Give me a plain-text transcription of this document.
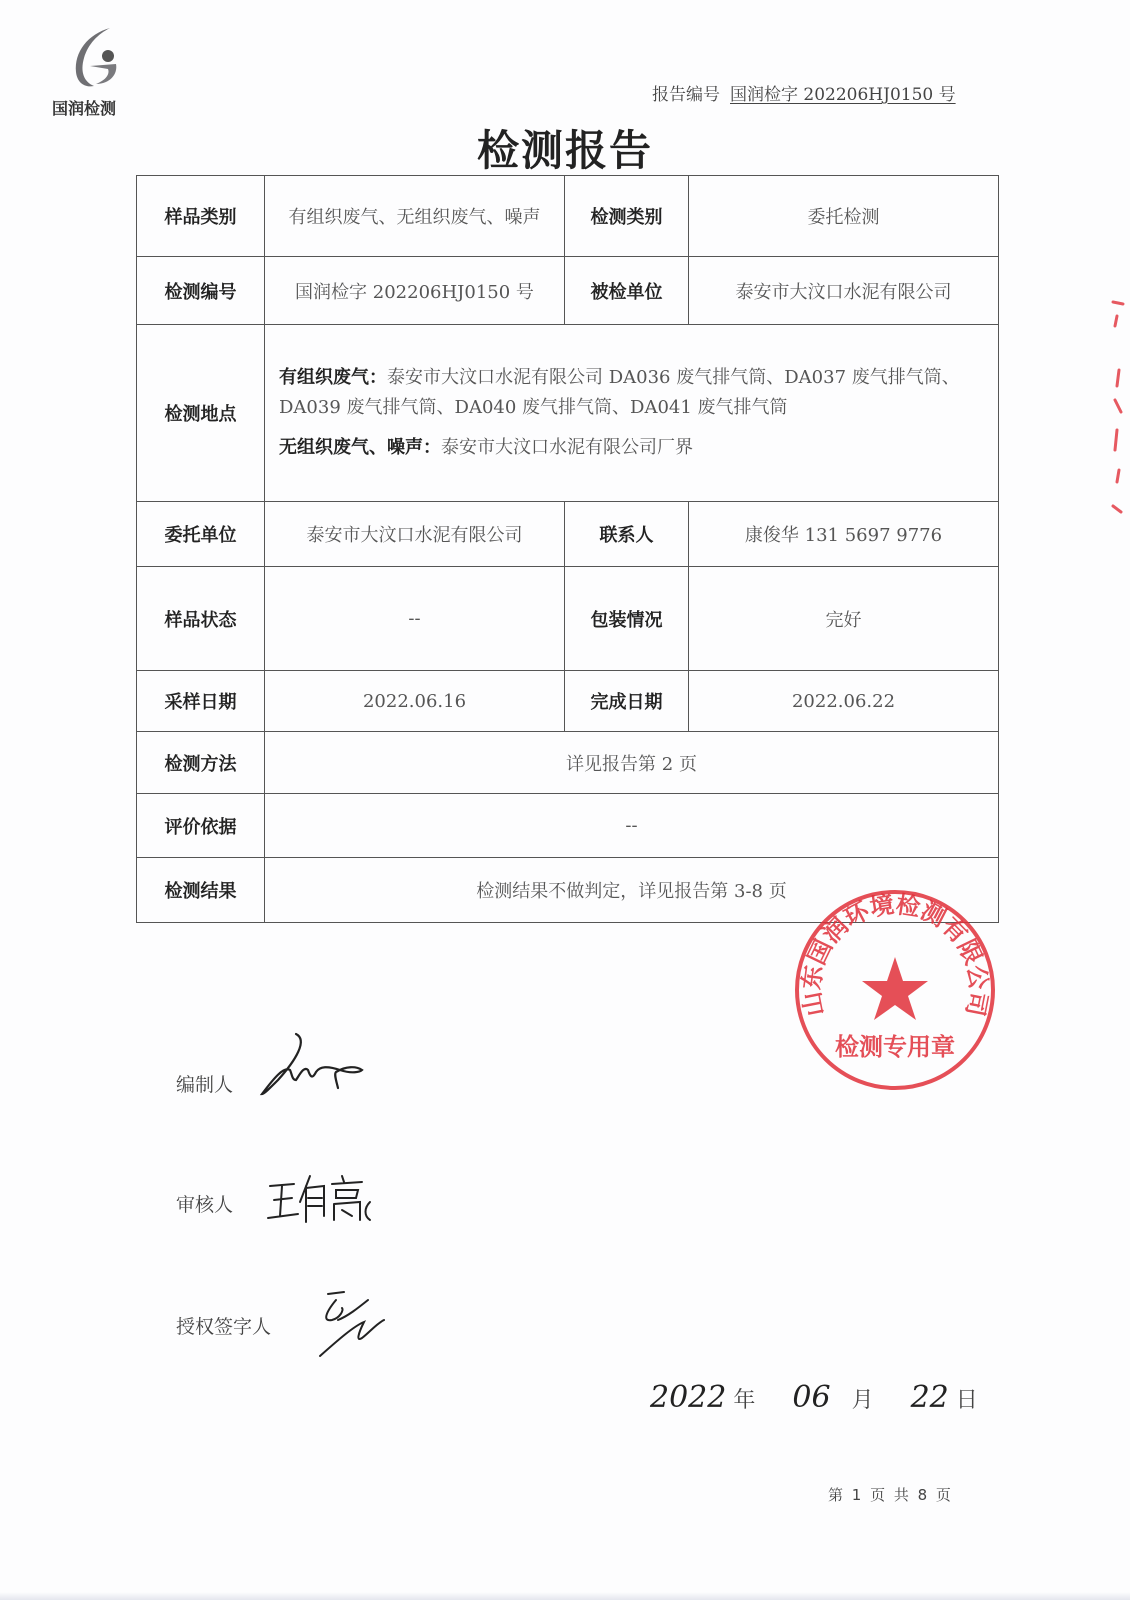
国润检测
报告编号 国润检字 202206HJ0150 号
检测报告
样品类别	有组织废气、无组织废气、噪声	检测类别	委托检测
检测编号	国润检字 202206HJ0150 号	被检单位	泰安市大汶口水泥有限公司
检测地点	有组织废气：泰安市大汶口水泥有限公司 DA036 废气排气筒、DA037 废气排气筒、DA039 废气排气筒、DA040 废气排气筒、DA041 废气排气筒

无组织废气、噪声：泰安市大汶口水泥有限公司厂界		

委托单位	泰安市大汶口水泥有限公司	联系人	康俊华 131 5697 9776
样品状态	--	包装情况	完好
采样日期	2022.06.16	完成日期	2022.06.22
检测方法	详见报告第 2 页		
评价依据	--		
检测结果	检测结果不做判定，详见报告第 3-8 页		
山东国润环境检测有限公司
检测专用章
编制人
审核人
授权签字人
2022 年 06 月 22 日
第 1 页 共 8 页
